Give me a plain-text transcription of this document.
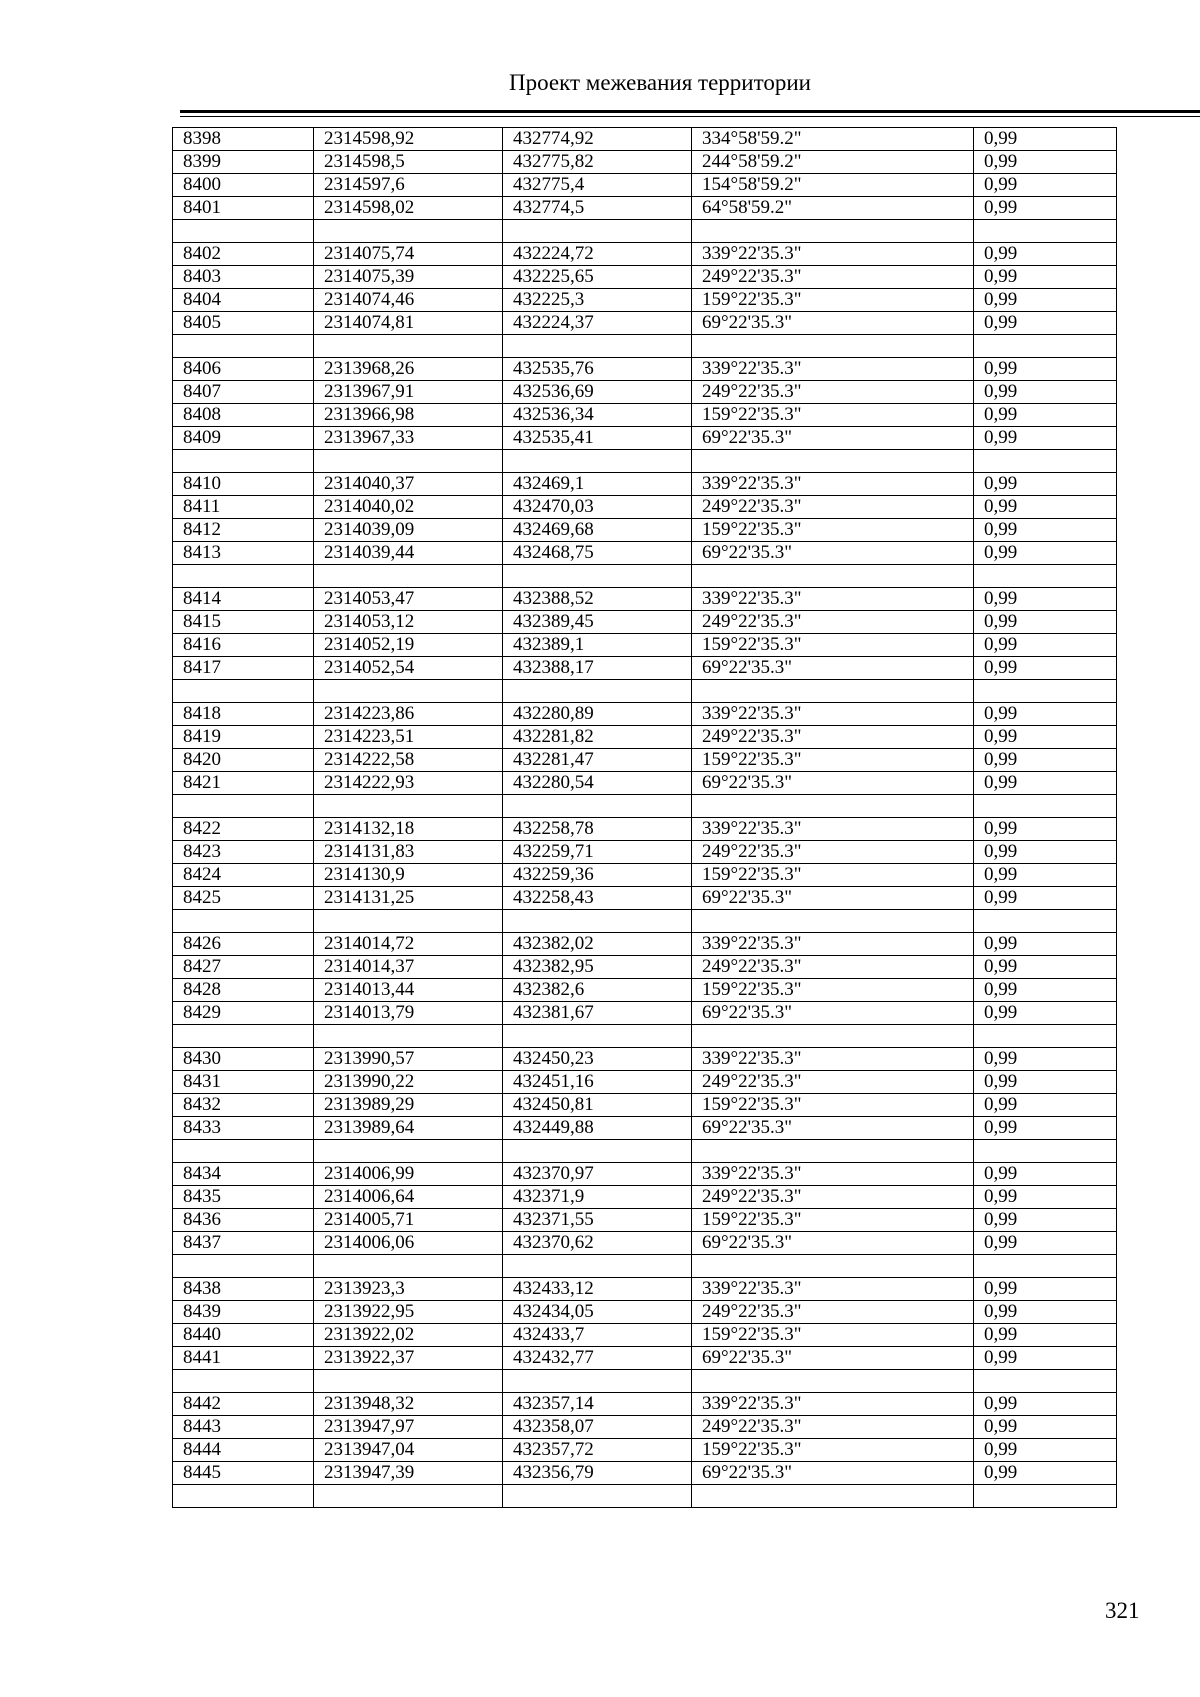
Проект межевания территории
8398	2314598,92	432774,92	334°58'59.2"	0,99
8399	2314598,5	432775,82	244°58'59.2"	0,99
8400	2314597,6	432775,4	154°58'59.2"	0,99
8401	2314598,02	432774,5	64°58'59.2"	0,99

8402	2314075,74	432224,72	339°22'35.3"	0,99
8403	2314075,39	432225,65	249°22'35.3"	0,99
8404	2314074,46	432225,3	159°22'35.3"	0,99
8405	2314074,81	432224,37	69°22'35.3"	0,99

8406	2313968,26	432535,76	339°22'35.3"	0,99
8407	2313967,91	432536,69	249°22'35.3"	0,99
8408	2313966,98	432536,34	159°22'35.3"	0,99
8409	2313967,33	432535,41	69°22'35.3"	0,99

8410	2314040,37	432469,1	339°22'35.3"	0,99
8411	2314040,02	432470,03	249°22'35.3"	0,99
8412	2314039,09	432469,68	159°22'35.3"	0,99
8413	2314039,44	432468,75	69°22'35.3"	0,99

8414	2314053,47	432388,52	339°22'35.3"	0,99
8415	2314053,12	432389,45	249°22'35.3"	0,99
8416	2314052,19	432389,1	159°22'35.3"	0,99
8417	2314052,54	432388,17	69°22'35.3"	0,99

8418	2314223,86	432280,89	339°22'35.3"	0,99
8419	2314223,51	432281,82	249°22'35.3"	0,99
8420	2314222,58	432281,47	159°22'35.3"	0,99
8421	2314222,93	432280,54	69°22'35.3"	0,99

8422	2314132,18	432258,78	339°22'35.3"	0,99
8423	2314131,83	432259,71	249°22'35.3"	0,99
8424	2314130,9	432259,36	159°22'35.3"	0,99
8425	2314131,25	432258,43	69°22'35.3"	0,99

8426	2314014,72	432382,02	339°22'35.3"	0,99
8427	2314014,37	432382,95	249°22'35.3"	0,99
8428	2314013,44	432382,6	159°22'35.3"	0,99
8429	2314013,79	432381,67	69°22'35.3"	0,99

8430	2313990,57	432450,23	339°22'35.3"	0,99
8431	2313990,22	432451,16	249°22'35.3"	0,99
8432	2313989,29	432450,81	159°22'35.3"	0,99
8433	2313989,64	432449,88	69°22'35.3"	0,99

8434	2314006,99	432370,97	339°22'35.3"	0,99
8435	2314006,64	432371,9	249°22'35.3"	0,99
8436	2314005,71	432371,55	159°22'35.3"	0,99
8437	2314006,06	432370,62	69°22'35.3"	0,99

8438	2313923,3	432433,12	339°22'35.3"	0,99
8439	2313922,95	432434,05	249°22'35.3"	0,99
8440	2313922,02	432433,7	159°22'35.3"	0,99
8441	2313922,37	432432,77	69°22'35.3"	0,99

8442	2313948,32	432357,14	339°22'35.3"	0,99
8443	2313947,97	432358,07	249°22'35.3"	0,99
8444	2313947,04	432357,72	159°22'35.3"	0,99
8445	2313947,39	432356,79	69°22'35.3"	0,99

321
